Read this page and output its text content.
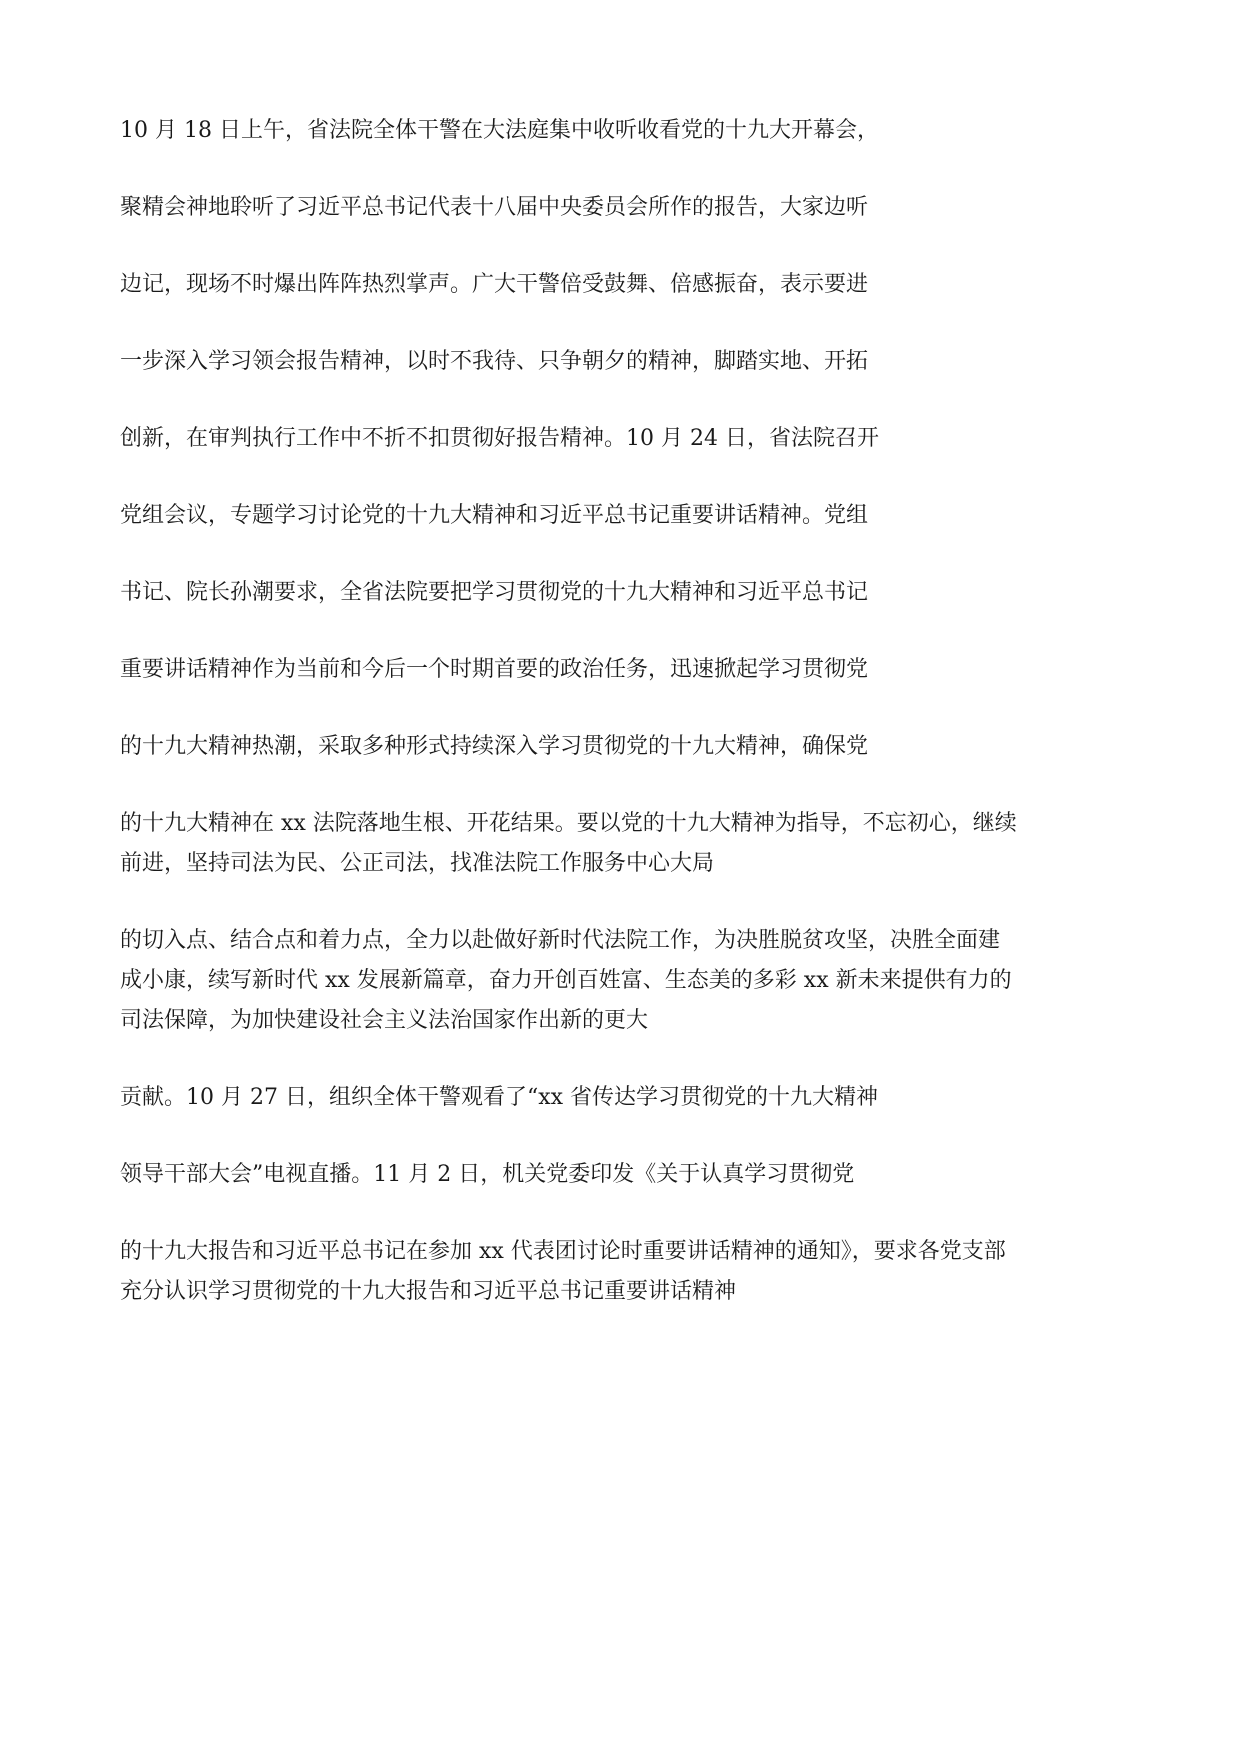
10 月 18 日上午，省法院全体干警在大法庭集中收听收看党的十九大开幕会，
聚精会神地聆听了习近平总书记代表十八届中央委员会所作的报告，大家边听
边记，现场不时爆出阵阵热烈掌声。广大干警倍受鼓舞、倍感振奋，表示要进
一步深入学习领会报告精神，以时不我待、只争朝夕的精神，脚踏实地、开拓
创新，在审判执行工作中不折不扣贯彻好报告精神。10 月 24 日，省法院召开
党组会议，专题学习讨论党的十九大精神和习近平总书记重要讲话精神。党组
书记、院长孙潮要求，全省法院要把学习贯彻党的十九大精神和习近平总书记
重要讲话精神作为当前和今后一个时期首要的政治任务，迅速掀起学习贯彻党
的十九大精神热潮，采取多种形式持续深入学习贯彻党的十九大精神，确保党
的十九大精神在 xx 法院落地生根、开花结果。要以党的十九大精神为指导，不忘初心，继续
前进，坚持司法为民、公正司法，找准法院工作服务中心大局
的切入点、结合点和着力点，全力以赴做好新时代法院工作，为决胜脱贫攻坚，决胜全面建
成小康，续写新时代 xx 发展新篇章，奋力开创百姓富、生态美的多彩 xx 新未来提供有力的
司法保障，为加快建设社会主义法治国家作出新的更大
贡献。10 月 27 日，组织全体干警观看了“xx 省传达学习贯彻党的十九大精神
领导干部大会”电视直播。11 月 2 日，机关党委印发《关于认真学习贯彻党
的十九大报告和习近平总书记在参加 xx 代表团讨论时重要讲话精神的通知》，要求各党支部
充分认识学习贯彻党的十九大报告和习近平总书记重要讲话精神
